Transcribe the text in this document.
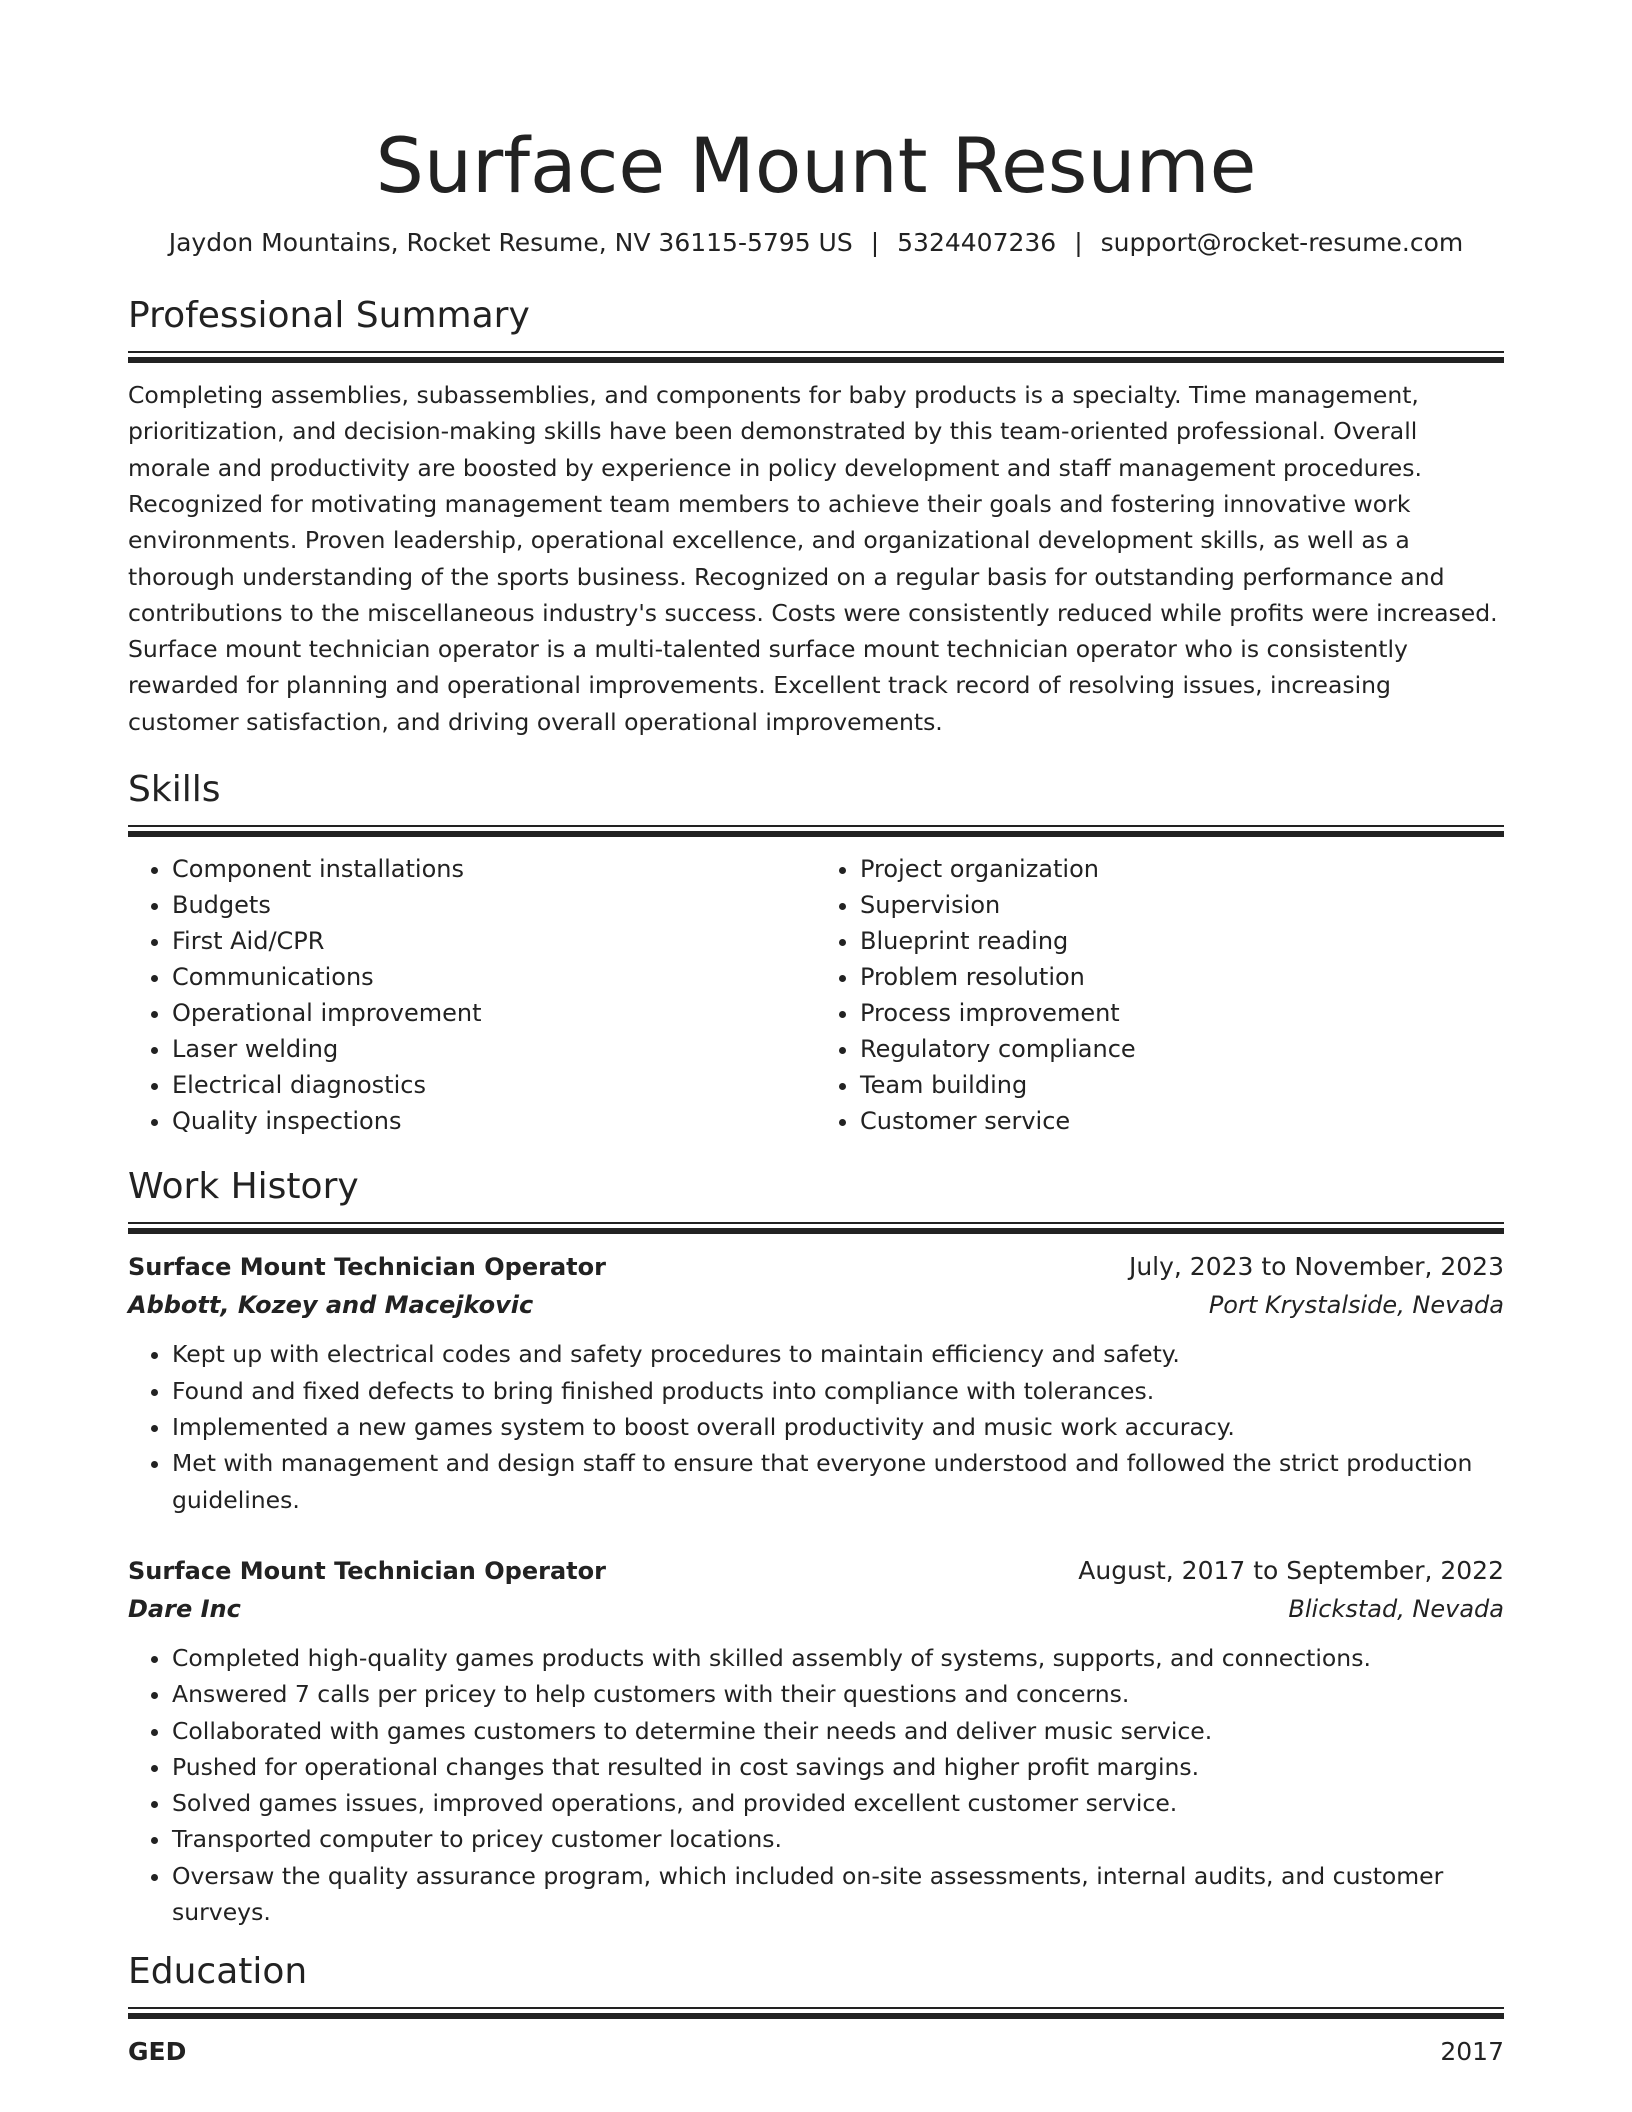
Surface Mount Resume
Jaydon Mountains, Rocket Resume, NV 36115-5795 US | 5324407236 | support@rocket-resume.com
Professional Summary

Completing assemblies, subassemblies, and components for baby products is a specialty. Time management, prioritization, and decision-making skills have been demonstrated by this team-oriented professional. Overall morale and productivity are boosted by experience in policy development and staff management procedures. Recognized for motivating management team members to achieve their goals and fostering innovative work environments. Proven leadership, operational excellence, and organizational development skills, as well as a thorough understanding of the sports business. Recognized on a regular basis for outstanding performance and contributions to the miscellaneous industry's success. Costs were consistently reduced while profits were increased. Surface mount technician operator is a multi-talented surface mount technician operator who is consistently rewarded for planning and operational improvements. Excellent track record of resolving issues, increasing customer satisfaction, and driving overall operational improvements.

Skills
• Component installations
• Budgets
• First Aid/CPR
• Communications
• Operational improvement
• Laser welding
• Electrical diagnostics
• Quality inspections
• Project organization
• Supervision
• Blueprint reading
• Problem resolution
• Process improvement
• Regulatory compliance
• Team building
• Customer service
Work History
Surface Mount Technician Operator	July, 2023 to November, 2023
Abbott, Kozey and Macejkovic	Port Krystalside, Nevada
• Kept up with electrical codes and safety procedures to maintain efficiency and safety.
• Found and fixed defects to bring finished products into compliance with tolerances.
• Implemented a new games system to boost overall productivity and music work accuracy.
• Met with management and design staff to ensure that everyone understood and followed the strict production guidelines.
Surface Mount Technician Operator	August, 2017 to September, 2022
Dare Inc	Blickstad, Nevada
• Completed high-quality games products with skilled assembly of systems, supports, and connections.
• Answered 7 calls per pricey to help customers with their questions and concerns.
• Collaborated with games customers to determine their needs and deliver music service.
• Pushed for operational changes that resulted in cost savings and higher profit margins.
• Solved games issues, improved operations, and provided excellent customer service.
• Transported computer to pricey customer locations.
• Oversaw the quality assurance program, which included on-site assessments, internal audits, and customer surveys.
Education
GED	2017
